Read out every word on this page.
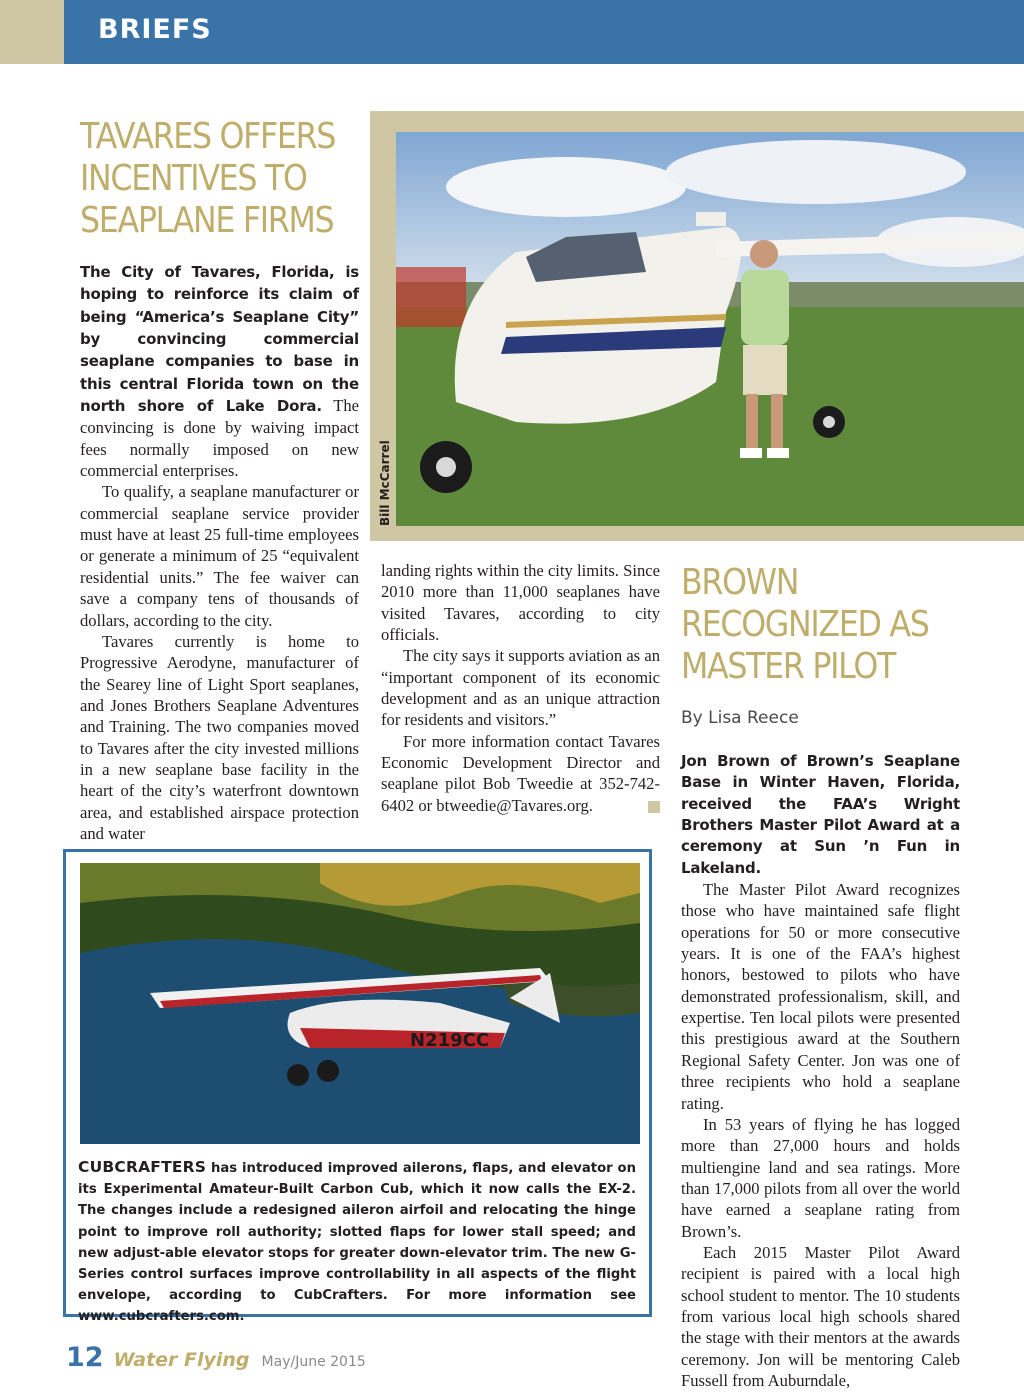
BRIEFS
TAVARES OFFERS
INCENTIVES TO
SEAPLANE FIRMS

The City of Tavares, Florida, is hoping to reinforce its claim of being “America’s Seaplane City” by convincing commercial seaplane companies to base in this central Florida town on the north shore of Lake Dora. The convincing is done by waiving impact fees normally imposed on new commercial enterprises.

To qualify, a seaplane manufacturer or commercial seaplane service provider must have at least 25 full-time employees or generate a minimum of 25 “equivalent residential units.” The fee waiver can save a company tens of thousands of dollars, according to the city.

Tavares currently is home to Progressive Aerodyne, manufacturer of the Searey line of Light Sport seaplanes, and Jones Brothers Seaplane Adventures and Training. The two companies moved to Tavares after the city invested millions in a new seaplane base facility in the heart of the city’s waterfront downtown area, and established airspace protection and water

Bill McCarrel

landing rights within the city limits. Since 2010 more than 11,000 seaplanes have visited Tavares, according to city officials.

The city says it supports aviation as an “important component of its economic development and as an unique attraction for residents and visitors.”

For more information contact Tavares Economic Development Director and seaplane pilot Bob Tweedie at 352-742-6402 or btweedie@Tavares.org.

BROWN
RECOGNIZED AS
MASTER PILOT
By Lisa Reece

Jon Brown of Brown’s Seaplane Base in Winter Haven, Florida, received the FAA’s Wright Brothers Master Pilot Award at a ceremony at Sun ’n Fun in Lakeland.

The Master Pilot Award recognizes those who have maintained safe flight operations for 50 or more consecutive years. It is one of the FAA’s highest honors, bestowed to pilots who have demonstrated professionalism, skill, and expertise. Ten local pilots were presented this prestigious award at the Southern Regional Safety Center. Jon was one of three recipients who hold a seaplane rating.

In 53 years of flying he has logged more than 27,000 hours and holds multiengine land and sea ratings. More than 17,000 pilots from all over the world have earned a seaplane rating from Brown’s.

Each 2015 Master Pilot Award recipient is paired with a local high school student to mentor. The 10 students from various local high schools shared the stage with their mentors at the awards ceremony. Jon will be mentoring Caleb Fussell from Auburndale,

N219CC
CUBCRAFTERS has introduced improved ailerons, flaps, and elevator on its Experimental Amateur-Built Carbon Cub, which it now calls the EX-2. The changes include a redesigned aileron airfoil and relocating the hinge point to improve roll authority; slotted flaps for lower stall speed; and new adjust-able elevator stops for greater down-elevator trim. The new G-Series control surfaces improve controllability in all aspects of the flight envelope, according to CubCrafters. For more information see www.cubcrafters.com.
12 Water Flying May/June 2015
